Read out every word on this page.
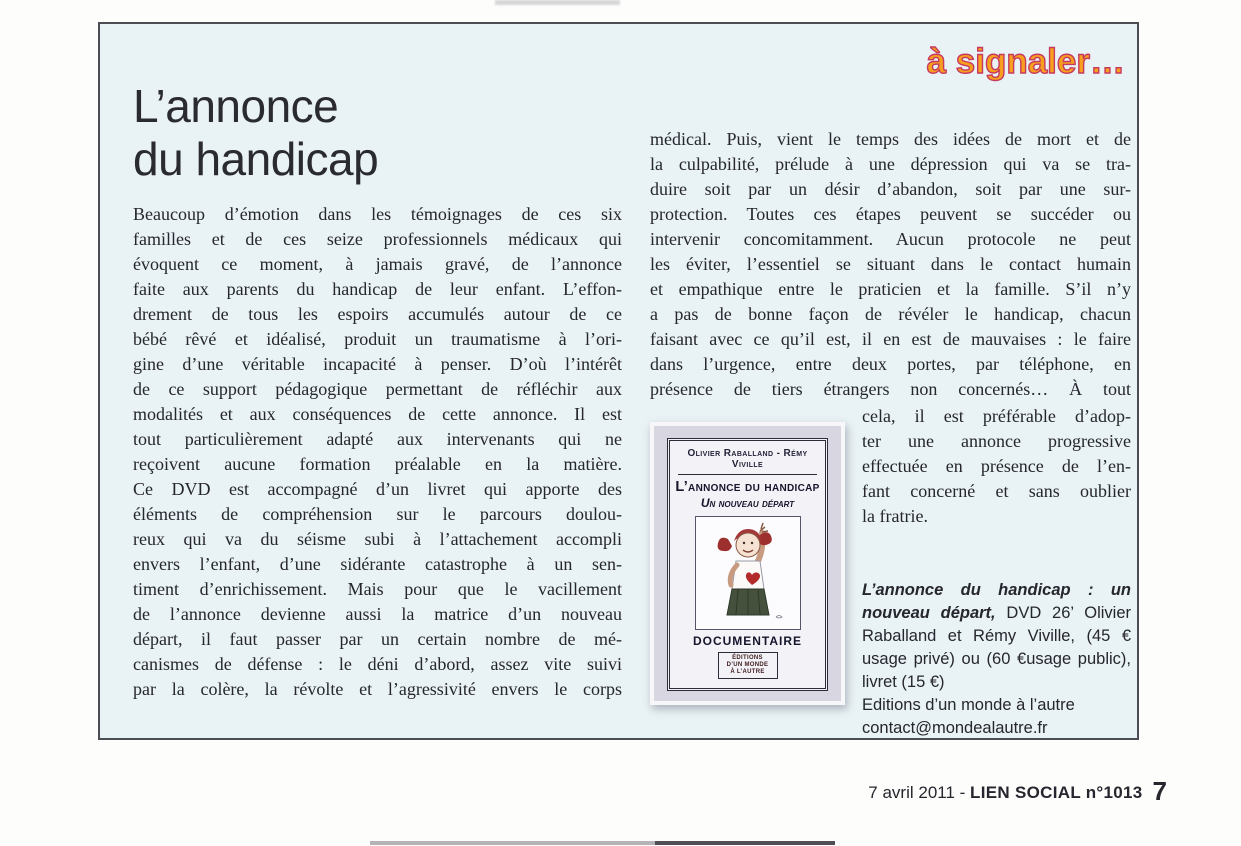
à signaler…
L’annonce
du handicap
Beaucoup d’émotion dans les témoignages de ces six
familles et de ces seize professionnels médicaux qui
évoquent ce moment, à jamais gravé, de l’annonce
faite aux parents du handicap de leur enfant. L’effon-
drement de tous les espoirs accumulés autour de ce
bébé rêvé et idéalisé, produit un traumatisme à l’ori-
gine d’une véritable incapacité à penser. D’où l’intérêt
de ce support pédagogique permettant de réfléchir aux
modalités et aux conséquences de cette annonce. Il est
tout particulièrement adapté aux intervenants qui ne
reçoivent aucune formation préalable en la matière.
Ce DVD est accompagné d’un livret qui apporte des
éléments de compréhension sur le parcours doulou-
reux qui va du séisme subi à l’attachement accompli
envers l’enfant, d’une sidérante catastrophe à un sen-
timent d’enrichissement. Mais pour que le vacillement
de l’annonce devienne aussi la matrice d’un nouveau
départ, il faut passer par un certain nombre de mé-
canismes de défense : le déni d’abord, assez vite suivi
par la colère, la révolte et l’agressivité envers le corps
médical. Puis, vient le temps des idées de mort et de
la culpabilité, prélude à une dépression qui va se tra-
duire soit par un désir d’abandon, soit par une sur-
protection. Toutes ces étapes peuvent se succéder ou
intervenir concomitamment. Aucun protocole ne peut
les éviter, l’essentiel se situant dans le contact humain
et empathique entre le praticien et la famille. S’il n’y
a pas de bonne façon de révéler le handicap, chacun
faisant avec ce qu’il est, il en est de mauvaises : le faire
dans l’urgence, entre deux portes, par téléphone, en
présence de tiers étrangers non concernés… À tout
Olivier Raballand - Rémy Viville
L’annonce du handicap
Un nouveau départ
DOCUMENTAIRE
ÉDITIONS
D’UN MONDE
À L’AUTRE
cela, il est préférable d’adop-
ter une annonce progressive
effectuée en présence de l’en-
fant concerné et sans oublier
la fratrie.
L’annonce du handicap : un nouveau départ, DVD 26’ Olivier Raballand et Rémy Viville, (45 € usage privé) ou (60 €usage public), livret (15 €)
Editions d’un monde à l’autre
contact@mondealautre.fr
7 avril 2011 - LIEN SOCIAL n°1013 7
